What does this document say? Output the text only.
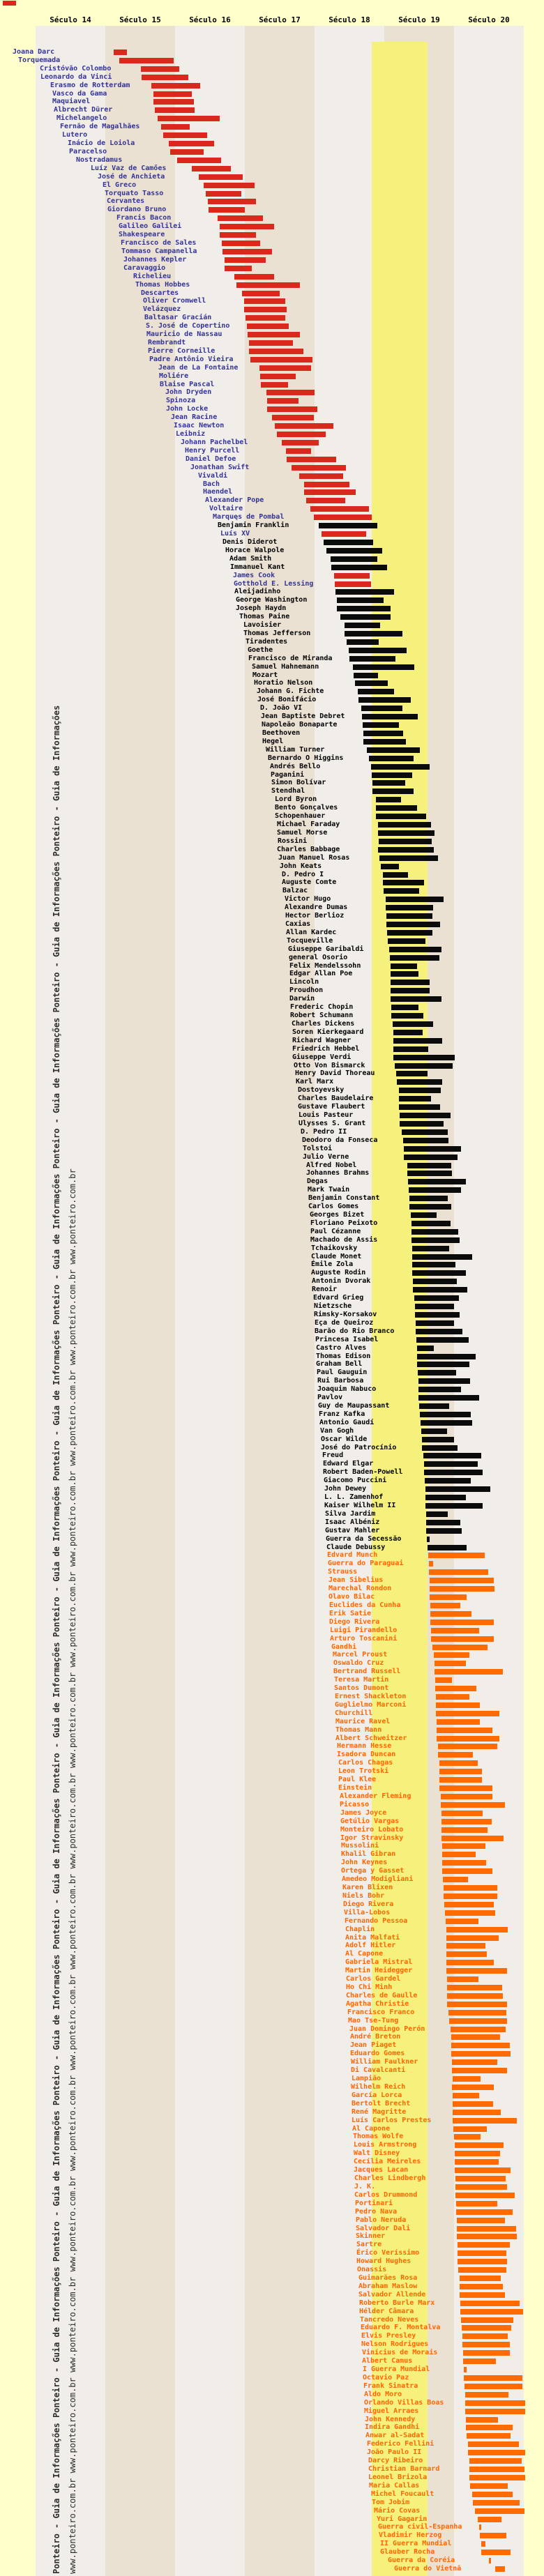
Século 14	Século 15	Século 16	Século 17	Século 18	Século 19	Século 20
Ponteiro - Guia de Informaçőes Ponteiro - Guia de Informaçőes Ponteiro - Guia de Informaçőes Ponteiro - Guia de Informaçőes Ponteiro - Guia de Informaçőes Ponteiro - Guia de Informaçőes Ponteiro - Guia de Informaçőes Ponteiro - Guia de Informaçőes Ponteiro - Guia de Informaçőes Ponteiro - Guia de Informaçőes Ponteiro - Guia de Informaçőes Ponteiro - Guia de Informaçőes www.ponteiro.com.br www.ponteiro.com.br www.ponteiro.com.br www.ponteiro.com.br www.ponteiro.com.br www.ponteiro.com.br www.ponteiro.com.br www.ponteiro.com.br www.ponteiro.com.br www.ponteiro.com.br www.ponteiro.com.br www.ponteiro.com.br www.ponteiro.com.br www.ponteiro.com.br
Joana Darc
Torquemada
Cristóvăo Colombo
Leonardo da Vinci
Erasmo de Rotterdam
Vasco da Gama
Maquiavel
Albrecht Dürer
Michelangelo
Fernăo de Magalhăes
Lutero
Inácio de Loiola
Paracelso
Nostradamus
Luíz Vaz de Camőes
José de Anchieta
El Greco
Torquato Tasso
Cervantes
Giordano Bruno
Francis Bacon
Galileo Galilei
Shakespeare
Francisco de Sales
Tommaso Campanella
Johannes Kepler
Caravaggio
Richelieu
Thomas Hobbes
Descartes
Oliver Cromwell
Velázquez
Baltasar Gracián
S. José de Copertino
Mauricio de Nassau
Rembrandt
Pierre Corneille
Padre Antônio Vieira
Jean de La Fontaine
Moliére
Blaise Pascal
John Dryden
Spinoza
John Locke
Jean Racine
Isaac Newton
Leibniz
Johann Pachelbel
Henry Purcell
Daniel Defoe
Jonathan Swift
Vivaldi
Bach
Haendel
Alexander Pope
Voltaire
Marquęs de Pombal
Benjamin Franklin
Luís XV
Denis Diderot
Horace Walpole
Adam Smith
Immanuel Kant
James Cook
Gotthold E. Lessing
Aleijadinho
George Washington
Joseph Haydn
Thomas Paine
Lavoisier
Thomas Jefferson
Tiradentes
Goethe
Francisco de Miranda
Samuel Hahnemann
Mozart
Horatio Nelson
Johann G. Fichte
José Bonifácio
D. Joăo VI
Jean Baptiste Debret
Napoleăo Bonaparte
Beethoven
Hegel
William Turner
Bernardo O Higgins
Andrés Bello
Paganini
Simon Bolívar
Stendhal
Lord Byron
Bento Gonçalves
Schopenhauer
Michael Faraday
Samuel Morse
Rossini
Charles Babbage
Juan Manuel Rosas
John Keats
D. Pedro I
Auguste Comte
Balzac
Victor Hugo
Alexandre Dumas
Hector Berlioz
Caxias
Allan Kardec
Tocqueville
Giuseppe Garibaldi
general Osorio
Felix Mendelssohn
Edgar Allan Poe
Lincoln
Proudhon
Darwin
Frederic Chopin
Robert Schumann
Charles Dickens
Soren Kierkegaard
Richard Wagner
Friedrich Hebbel
Giuseppe Verdi
Otto Von Bismarck
Henry David Thoreau
Karl Marx
Dostoyevsky
Charles Baudelaire
Gustave Flaubert
Louis Pasteur
Ulysses S. Grant
D. Pedro II
Deodoro da Fonseca
Tolstoi
Julio Verne
Alfred Nobel
Johannes Brahms
Degas
Mark Twain
Benjamin Constant
Carlos Gomes
Georges Bizet
Floriano Peixoto
Paul Cézanne
Machado de Assis
Tchaikovsky
Claude Monet
Émile Zola
Auguste Rodin
Antonin Dvorak
Renoir
Edvard Grieg
Nietzsche
Rimsky-Korsakov
Eça de Queiroz
Barăo do Rio Branco
Princesa Isabel
Castro Alves
Thomas Edison
Graham Bell
Paul Gauguin
Rui Barbosa
Joaquim Nabuco
Pavlov
Guy de Maupassant
Franz Kafka
Antonio Gaudí
Van Gogh
Oscar Wilde
José do Patrocínio
Freud
Edward Elgar
Robert Baden-Powell
Giacomo Puccini
John Dewey
L. L. Zamenhof
Kaiser Wilhelm II
Silva Jardim
Isaac Albéniz
Gustav Mahler
Guerra da Secessăo
Claude Debussy
Edvard Munch
Guerra do Paraguai
Strauss
Jean Sibelius
Marechal Rondon
Olavo Bilac
Euclides da Cunha
Erik Satie
Diego Rivera
Luigi Pirandello
Arturo Toscanini
Gandhi
Marcel Proust
Oswaldo Cruz
Bertrand Russell
Teresa Martin
Santos Dumont
Ernest Shackleton
Guglielmo Marconi
Churchill
Maurice Ravel
Thomas Mann
Albert Schweitzer
Hermann Hesse
Isadora Duncan
Carlos Chagas
Leon Trotski
Paul Klee
Einstein
Alexander Fleming
Picasso
James Joyce
Getúlio Vargas
Monteiro Lobato
Igor Stravinsky
Mussolini
Khalil Gibran
John Keynes
Ortega y Gasset
Amedeo Modigliani
Karen Blixen
Niels Bohr
Diego Rivera
Villa-Lobos
Fernando Pessoa
Chaplin
Anita Malfati
Adolf Hitler
Al Capone
Gabriela Mistral
Martin Heidegger
Carlos Gardel
Ho Chi Minh
Charles de Gaulle
Agatha Christie
Francisco Franco
Mao Tse-Tung
Juan Domingo Perón
André Breton
Jean Piaget
Eduardo Gomes
William Faulkner
Di Cavalcanti
Lampiăo
Wilhelm Reich
García Lorca
Bertolt Brecht
René Magritte
Luís Carlos Prestes
Al Capone
Thomas Wolfe
Louis Armstrong
Walt Disney
Cecília Meireles
Jacques Lacan
Charles Lindbergh
J. K.
Carlos Drummond
Portinari
Pedro Nava
Pablo Neruda
Salvador Dali
Skinner
Sartre
Érico Veríssimo
Howard Hughes
Onassis
Guimarăes Rosa
Abraham Maslow
Salvador Allende
Roberto Burle Marx
Hélder Câmara
Tancredo Neves
Eduardo F. Montalva
Elvis Presley
Nelson Rodrigues
Vinícius de Morais
Albert Camus
I Guerra Mundial
Octavio Paz
Frank Sinatra
Aldo Moro
Orlando Villas Boas
Miguel Arraes
John Kennedy
Indira Gandhi
Anwar al-Sadat
Federico Fellini
Joăo Paulo II
Darcy Ribeiro
Christian Barnard
Leonel Brizola
Maria Callas
Michel Foucault
Tom Jobim
Mário Covas
Yuri Gagarin
Guerra civil-Espanha
Vladimir Herzog
II Guerra Mundial
Glauber Rocha
Guerra da Coréia
Guerra do Vietnă
